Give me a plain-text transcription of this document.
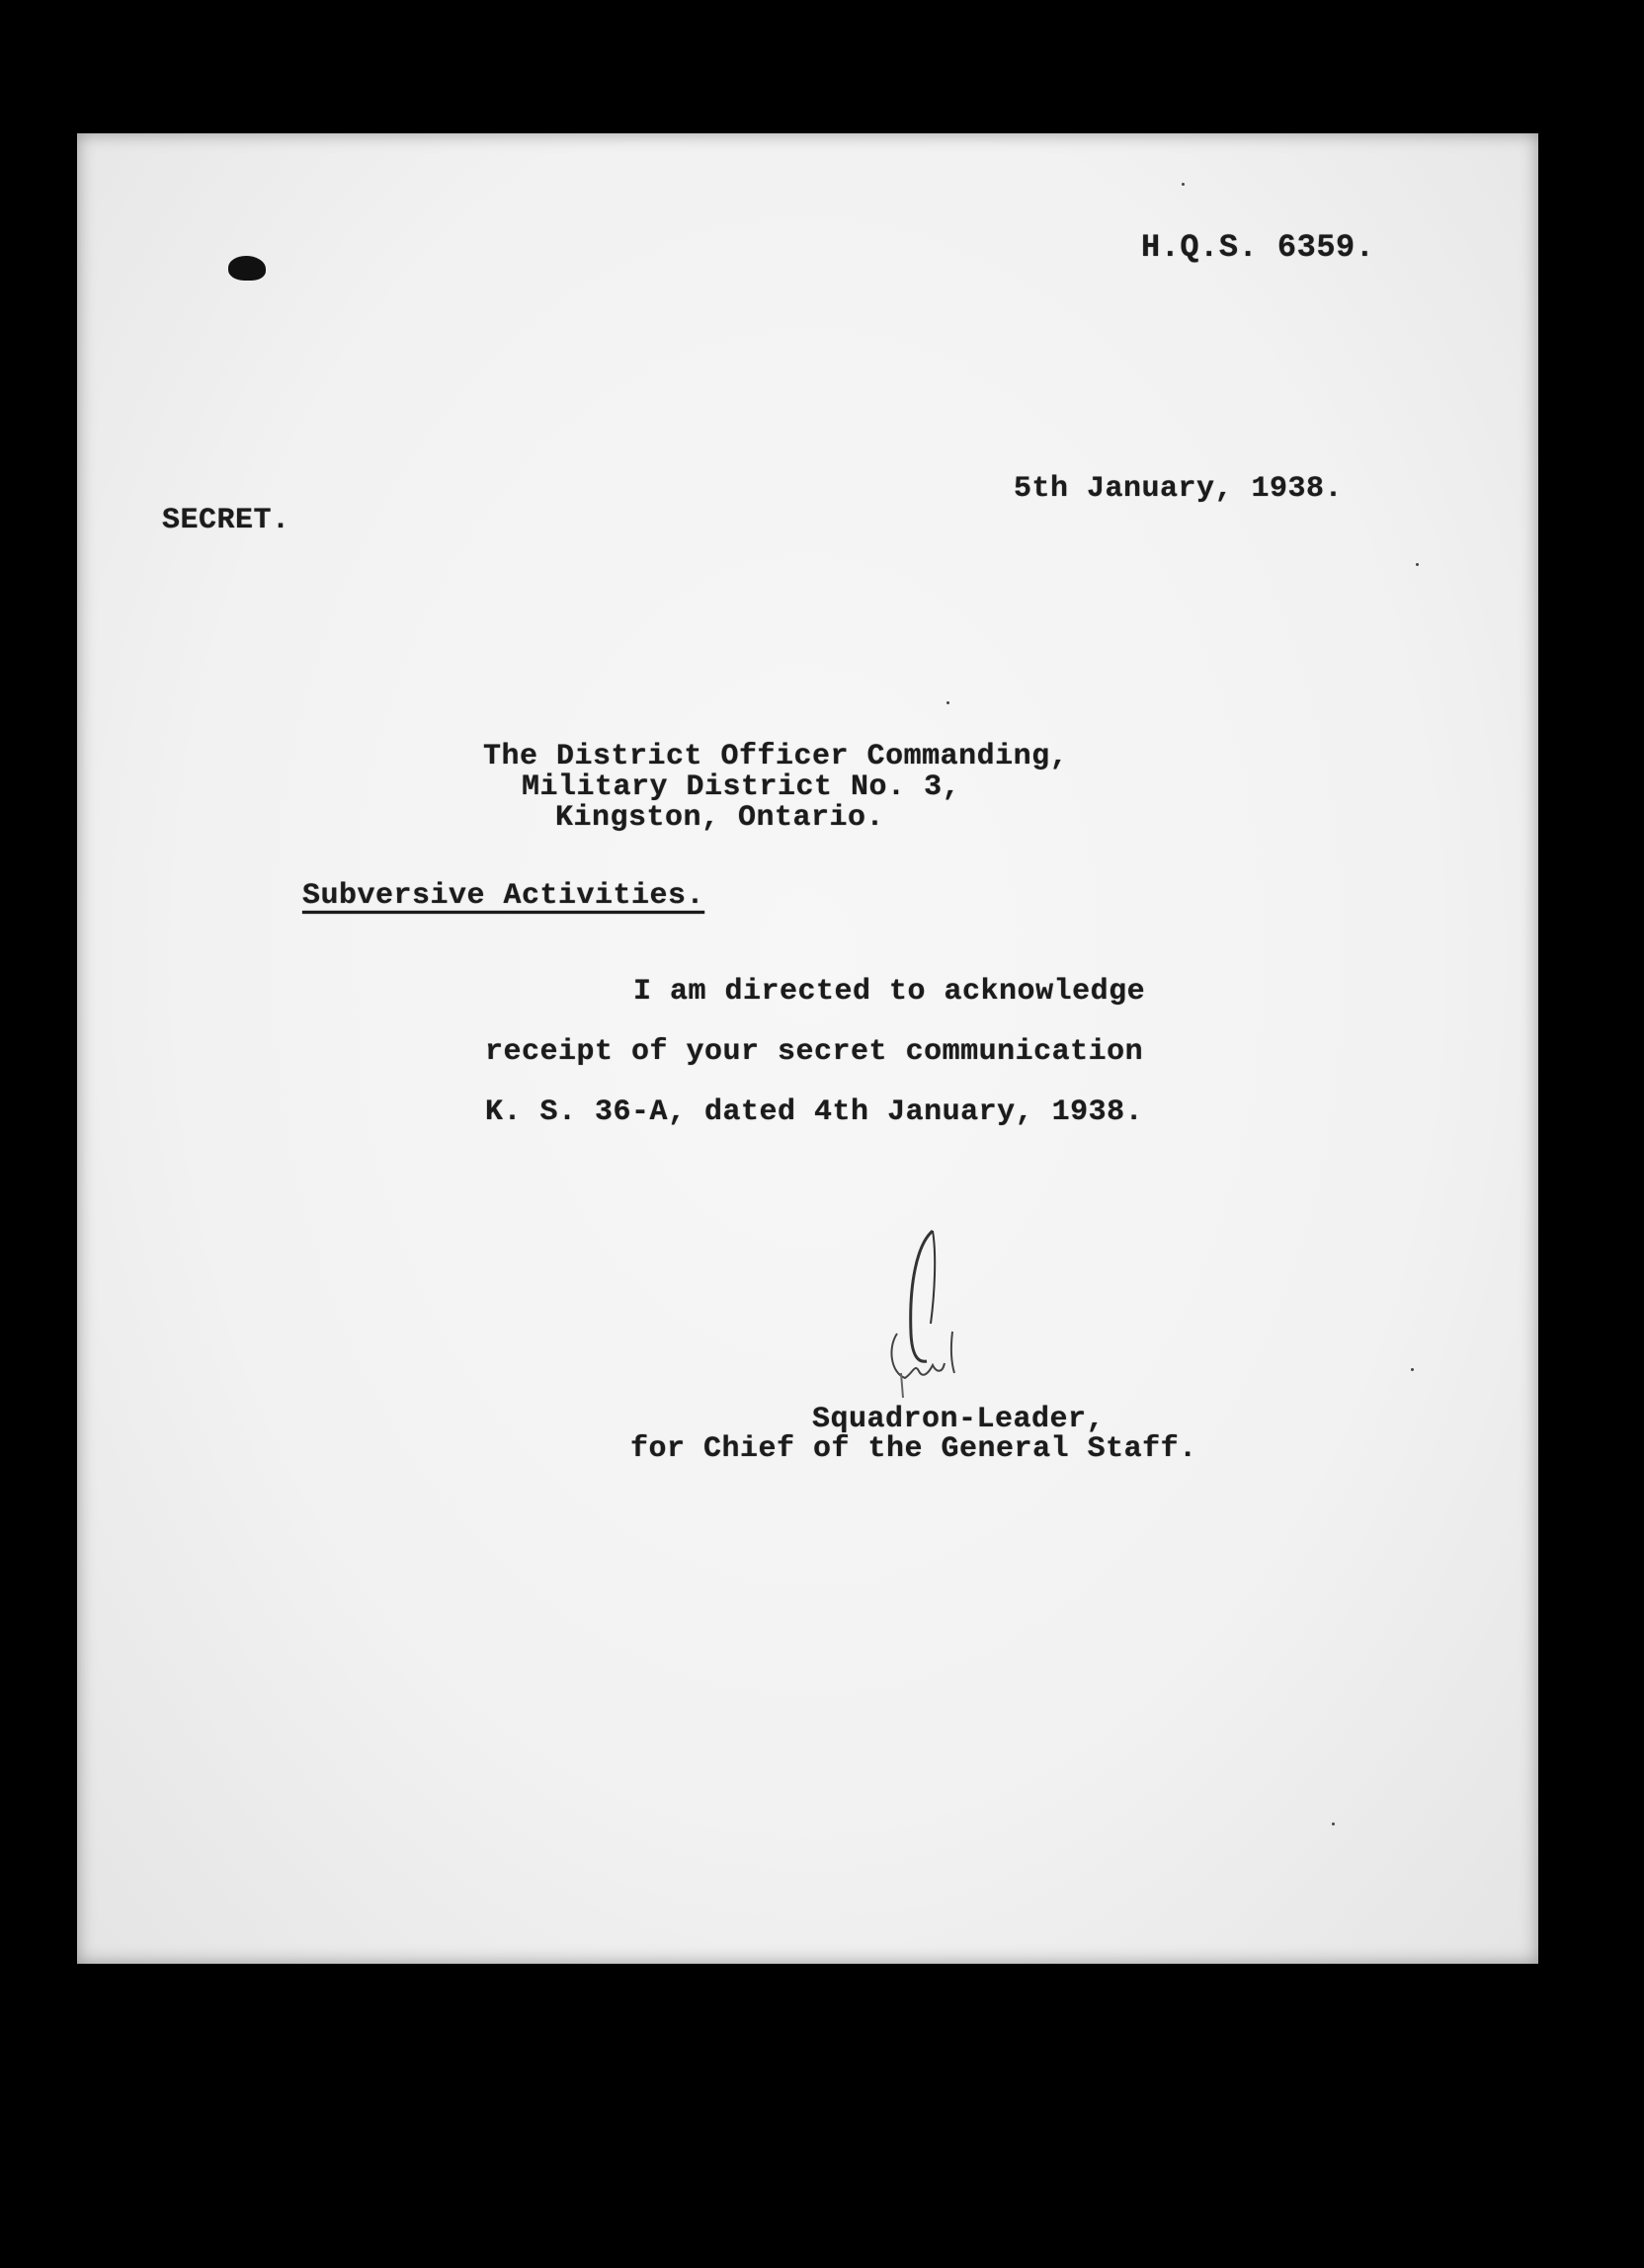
H.Q.S. 6359.
5th January, 1938.
SECRET.
The District Officer Commanding,
Military District No. 3,
Kingston, Ontario.
Subversive Activities.
I am directed to acknowledge
receipt of your secret communication
K. S. 36-A, dated 4th January, 1938.
Squadron-Leader,
for Chief of the General Staff.
